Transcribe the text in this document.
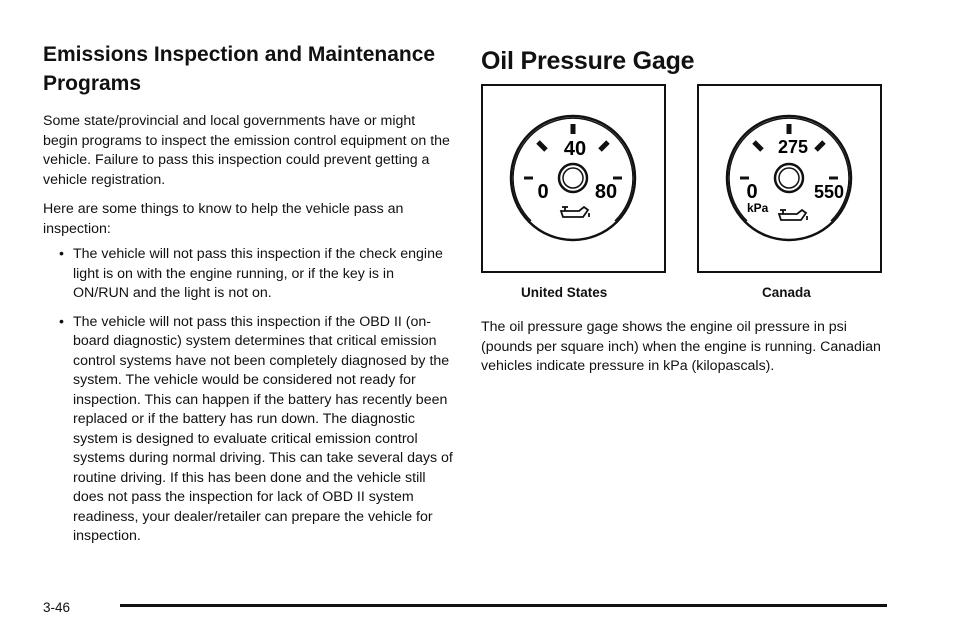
Emissions Inspection and Maintenance Programs

Some state/provincial and local governments have or might begin programs to inspect the emission control equipment on the vehicle. Failure to pass this inspection could prevent getting a vehicle registration.

Here are some things to know to help the vehicle pass an inspection:

• The vehicle will not pass this inspection if the check engine light is on with the engine running, or if the key is in ON/RUN and the light is not on.
• The vehicle will not pass this inspection if the OBD II (on-board diagnostic) system determines that critical emission control systems have not been completely diagnosed by the system. The vehicle would be considered not ready for inspection. This can happen if the battery has recently been replaced or if the battery has run down. The diagnostic system is designed to evaluate critical emission control systems during normal driving. This can take several days of routine driving. If this has been done and the vehicle still does not pass the inspection for lack of OBD II system readiness, your dealer/retailer can prepare the vehicle for inspection.
Oil Pressure Gage
40
0 80
United States
275
0	550
kPa
Canada

The oil pressure gage shows the engine oil pressure in psi (pounds per square inch) when the engine is running. Canadian vehicles indicate pressure in kPa (kilopascals).

3-46
